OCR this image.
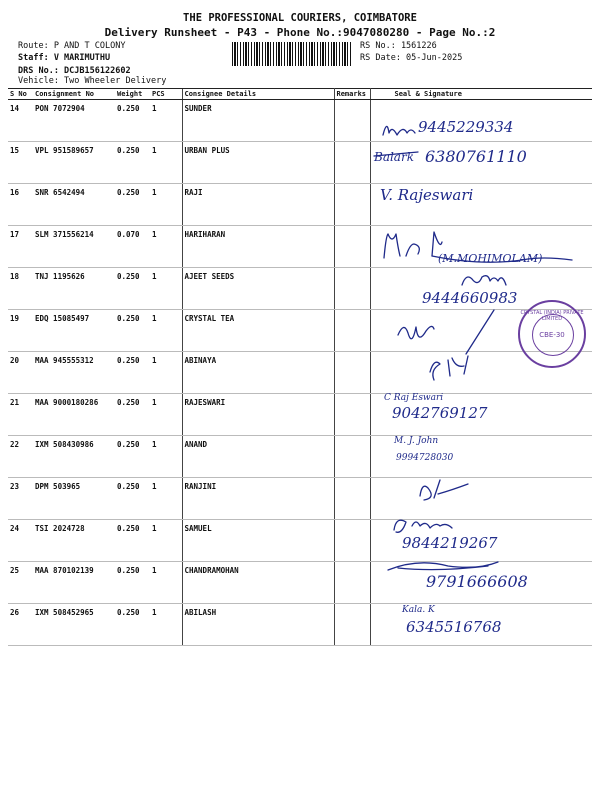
THE PROFESSIONAL COURIERS, COIMBATORE
Delivery Runsheet - P43 - Phone No.:9047080280 - Page No.:2
Route: P AND T COLONY
Staff: V MARIMUTHU
DRS No.: DCJB156122602
Vehicle: Two Wheeler Delivery
RS No.: 1561226
RS Date: 05-Jun-2025
S No	Consignment No	Weight	PCS	Consignee Details	Remarks	Seal & Signature
14	PON 7072904	0.250	1	SUNDER		
15	VPL 951589657	0.250	1	URBAN PLUS		
16	SNR 6542494	0.250	1	RAJI		
17	SLM 371556214	0.070	1	HARIHARAN		
18	TNJ 1195626	0.250	1	AJEET SEEDS		
19	EDQ 15085497	0.250	1	CRYSTAL TEA		
20	MAA 945555312	0.250	1	ABINAYA		
21	MAA 9000180286	0.250	1	RAJESWARI		
22	IXM 508430986	0.250	1	ANAND		
23	DPM 503965	0.250	1	RANJINI		
24	TSI 2024728	0.250	1	SAMUEL		
25	MAA 870102139	0.250	1	CHANDRAMOHAN		
26	IXM 508452965	0.250	1	ABILASH		
9445229334
Balark 6380761110
V. Rajeswari
(M.MOHIMOLAM)
9444660983
C Raj Eswari
9042769127
M. J. John
9994728030
9844219267
9791666608
Kala. K
6345516768
CRYSTAL (INDIA) PRIVATE LIMITED
CBE-30
